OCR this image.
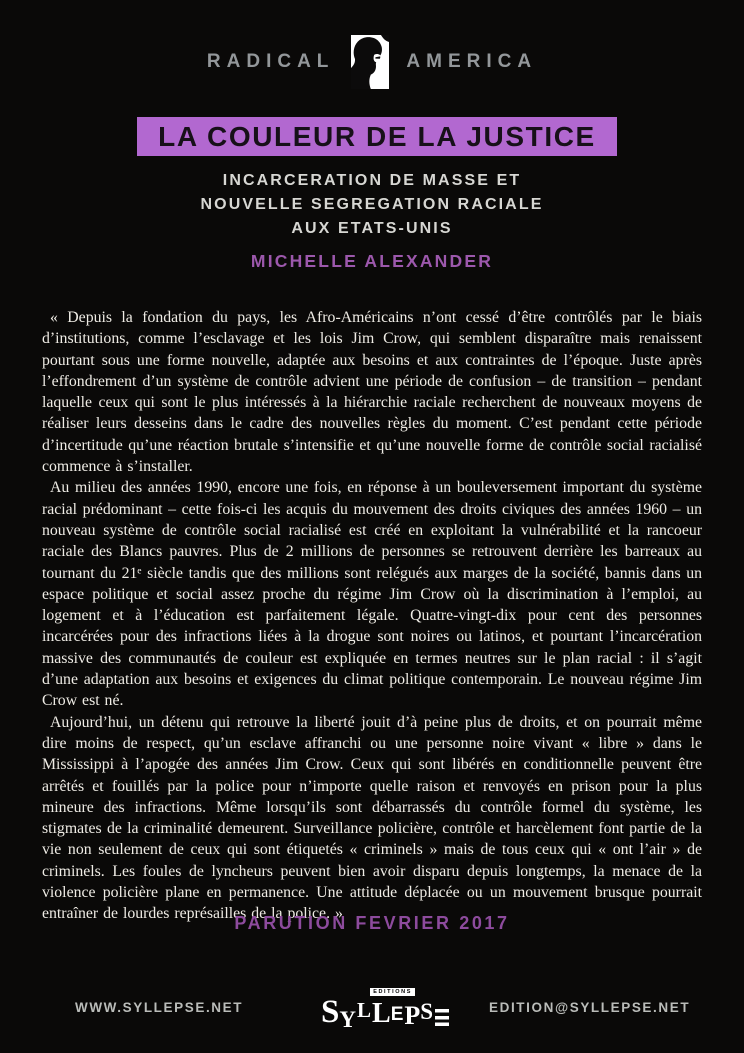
RADICAL	AMERICA
LA COULEUR DE LA JUSTICE
INCARCERATION DE MASSE ET
NOUVELLE SEGREGATION RACIALE
AUX ETATS-UNIS
MICHELLE ALEXANDER

« Depuis la fondation du pays, les Afro-Américains n’ont cessé d’être contrôlés par le biais d’institutions, comme l’esclavage et les lois Jim Crow, qui semblent disparaître mais renaissent pourtant sous une forme nouvelle, adaptée aux besoins et aux contraintes de l’époque. Juste après l’effondrement d’un système de contrôle advient une période de confusion – de transition – pendant laquelle ceux qui sont le plus intéressés à la hiérarchie raciale recherchent de nouveaux moyens de réaliser leurs desseins dans le cadre des nouvelles règles du moment. C’est pendant cette période d’incertitude qu’une réaction brutale s’intensifie et qu’une nouvelle forme de contrôle social racialisé commence à s’installer.

Au milieu des années 1990, encore une fois, en réponse à un bouleversement important du système racial prédominant – cette fois-ci les acquis du mouvement des droits civiques des années 1960 – un nouveau système de contrôle social racialisé est créé en exploitant la vulnérabilité et la rancoeur raciale des Blancs pauvres. Plus de 2 millions de personnes se retrouvent derrière les barreaux au tournant du 21ᵉ siècle tandis que des millions sont relégués aux marges de la société, bannis dans un espace politique et social assez proche du régime Jim Crow où la discrimination à l’emploi, au logement et à l’éducation est parfaitement légale. Quatre-vingt-dix pour cent des personnes incarcérées pour des infractions liées à la drogue sont noires ou latinos, et pourtant l’incarcération massive des communautés de couleur est expliquée en termes neutres sur le plan racial : il s’agit d’une adaptation aux besoins et exigences du climat politique contemporain. Le nouveau régime Jim Crow est né.

Aujourd’hui, un détenu qui retrouve la liberté jouit d’à peine plus de droits, et on pourrait même dire moins de respect, qu’un esclave affranchi ou une personne noire vivant « libre » dans le Mississippi à l’apogée des années Jim Crow. Ceux qui sont libérés en conditionnelle peuvent être arrêtés et fouillés par la police pour n’importe quelle raison et renvoyés en prison pour la plus mineure des infractions. Même lorsqu’ils sont débarrassés du contrôle formel du système, les stigmates de la criminalité demeurent. Surveillance policière, contrôle et harcèlement font partie de la vie non seulement de ceux qui sont étiquetés « criminels » mais de tous ceux qui « ont l’air » de criminels. Les foules de lyncheurs peuvent bien avoir disparu depuis longtemps, la menace de la violence policière plane en permanence. Une attitude déplacée ou un mouvement brusque pourrait entraîner de lourdes représailles de la police. »

PARUTION FEVRIER 2017
WWW.SYLLEPSE.NET
EDITIONS
S Y L L E P S	EDITION@SYLLEPSE.NET
